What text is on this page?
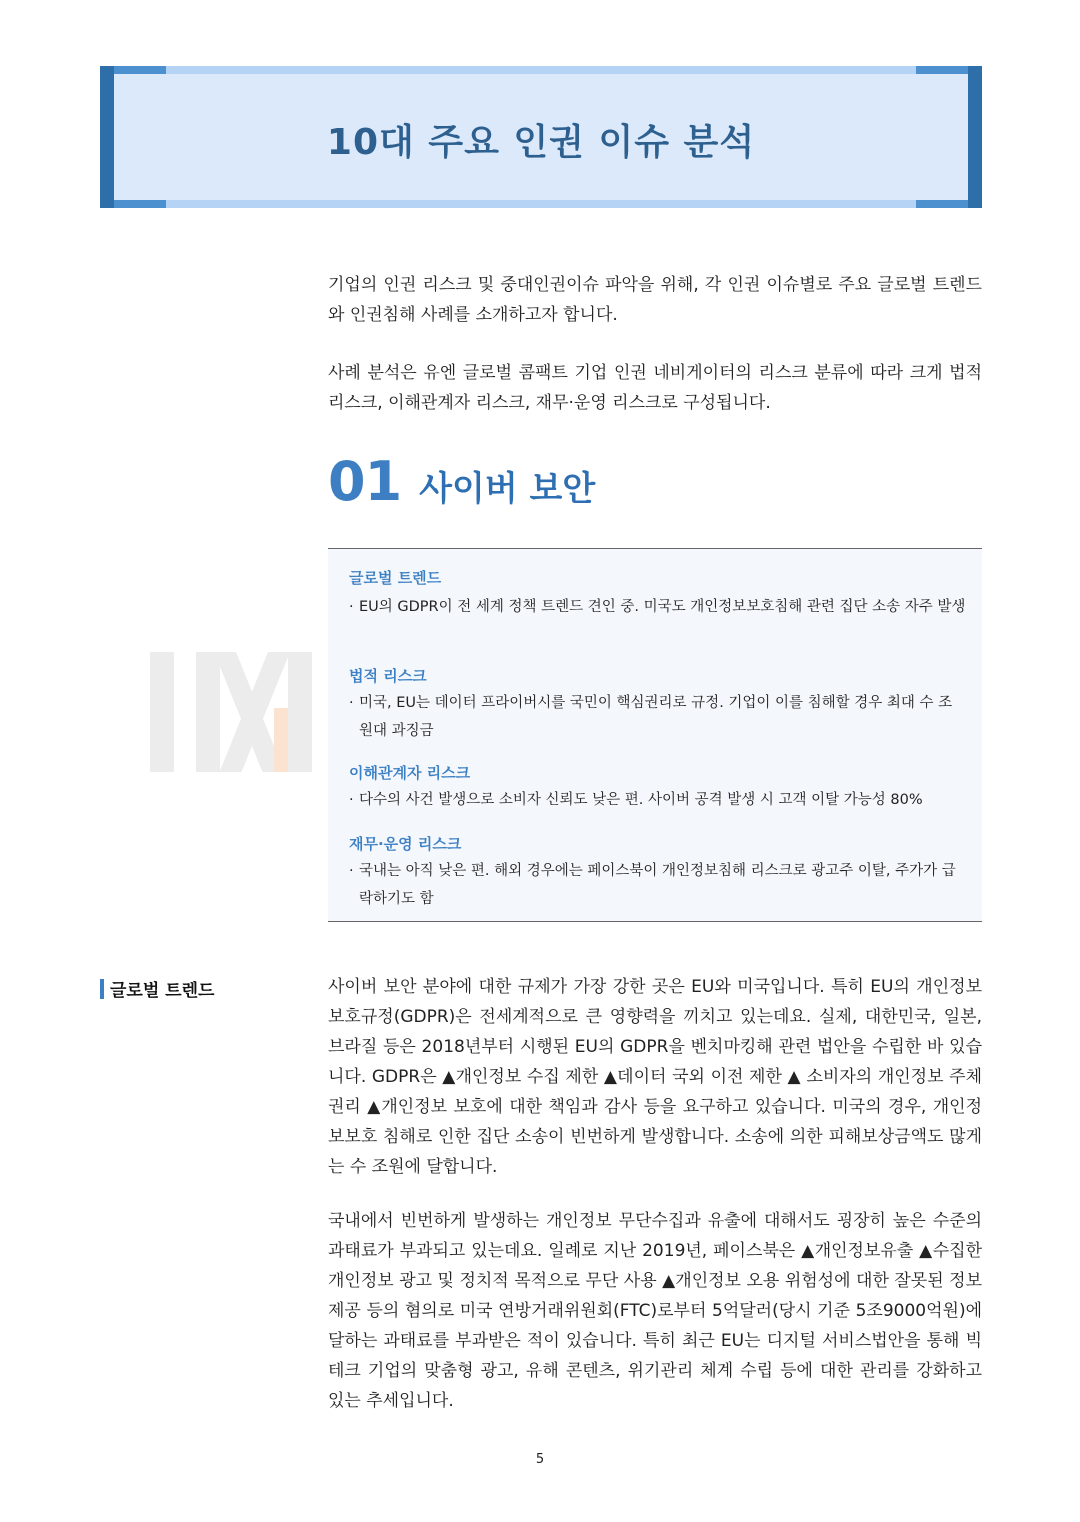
10대 주요 인권 이슈 분석

기업의 인권 리스크 및 중대인권이슈 파악을 위해, 각 인권 이슈별로 주요 글로벌 트렌드와 인권침해 사례를 소개하고자 합니다.

사례 분석은 유엔 글로벌 콤팩트 기업 인권 네비게이터의 리스크 분류에 따라 크게 법적 리스크, 이해관계자 리스크, 재무·운영 리스크로 구성됩니다.

01 사이버 보안
글로벌 트렌드
· EU의 GDPR이 전 세계 정책 트렌드 견인 중. 미국도 개인정보보호침해 관련 집단 소송 자주 발생
법적 리스크
· 미국, EU는 데이터 프라이버시를 국민이 핵심권리로 규정. 기업이 이를 침해할 경우 최대 수 조 원대 과징금
이해관계자 리스크
· 다수의 사건 발생으로 소비자 신뢰도 낮은 편. 사이버 공격 발생 시 고객 이탈 가능성 80%
재무·운영 리스크
· 국내는 아직 낮은 편. 해외 경우에는 페이스북이 개인정보침해 리스크로 광고주 이탈, 주가가 급락하기도 함
글로벌 트렌드	사이버 보안 분야에 대한 규제가 가장 강한 곳은 EU와 미국입니다. 특히 EU의 개인정보 보호규정(GDPR)은 전세계적으로 큰 영향력을 끼치고 있는데요. 실제, 대한민국, 일본, 브라질 등은 2018년부터 시행된 EU의 GDPR을 벤치마킹해 관련 법안을 수립한 바 있습니다. GDPR은 ▲개인정보 수집 제한 ▲데이터 국외 이전 제한 ▲ 소비자의 개인정보 주체 권리 ▲개인정보 보호에 대한 책임과 감사 등을 요구하고 있습니다. 미국의 경우, 개인정보보호 침해로 인한 집단 소송이 빈번하게 발생합니다. 소송에 의한 피해보상금액도 많게는 수 조원에 달합니다.

국내에서 빈번하게 발생하는 개인정보 무단수집과 유출에 대해서도 굉장히 높은 수준의 과태료가 부과되고 있는데요. 일례로 지난 2019년, 페이스북은 ▲개인정보유출 ▲수집한 개인정보 광고 및 정치적 목적으로 무단 사용 ▲개인정보 오용 위험성에 대한 잘못된 정보 제공 등의 혐의로 미국 연방거래위원회(FTC)로부터 5억달러(당시 기준 5조9000억원)에 달하는 과태료를 부과받은 적이 있습니다. 특히 최근 EU는 디지털 서비스법안을 통해 빅테크 기업의 맞춤형 광고, 유해 콘텐츠, 위기관리 체계 수립 등에 대한 관리를 강화하고 있는 추세입니다.

5
